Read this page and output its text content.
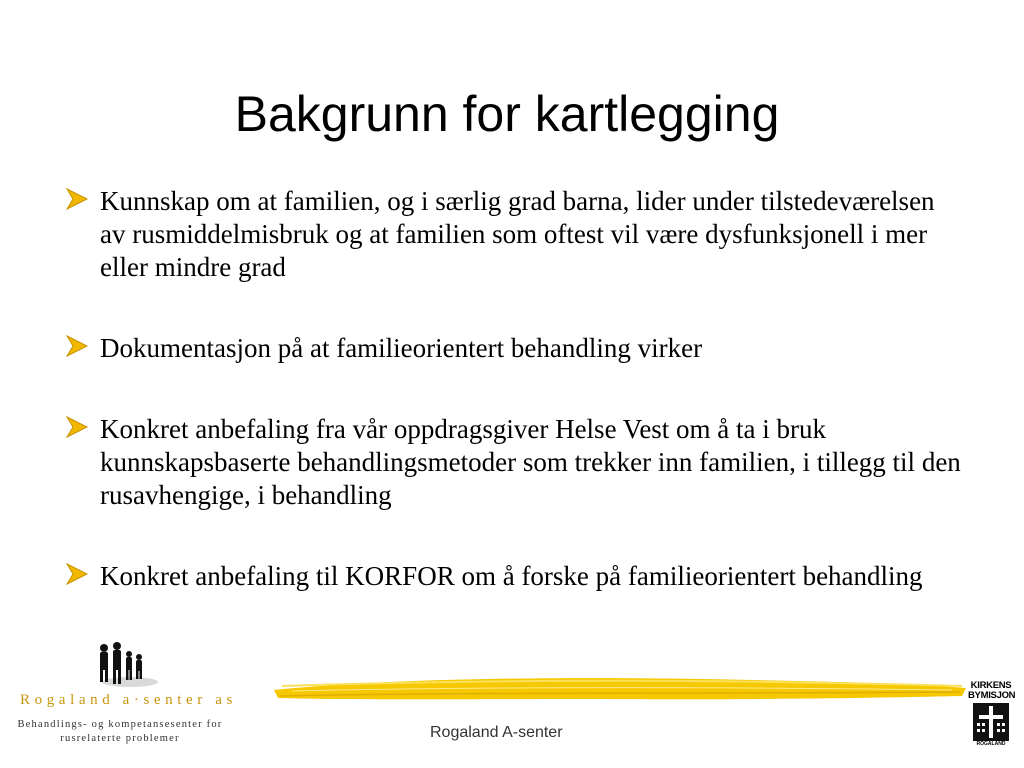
Bakgrunn for kartlegging
Kunnskap om at familien, og i særlig grad barna, lider under tilstedeværelsen av rusmiddelmisbruk og at familien som oftest vil være dysfunksjonell i mer eller mindre grad
Dokumentasjon på at familieorientert behandling virker
Konkret anbefaling fra vår oppdragsgiver Helse Vest om å ta i bruk kunnskapsbaserte behandlingsmetoder som trekker inn familien, i tillegg til den rusavhengige, i behandling
Konkret anbefaling til KORFOR om å forske på familieorientert behandling
Rogaland a·senter as
Behandlings- og kompetansesenter for rusrelaterte problemer	Rogaland A-senter
KIRKENS
BYMISJON
ROGALAND
